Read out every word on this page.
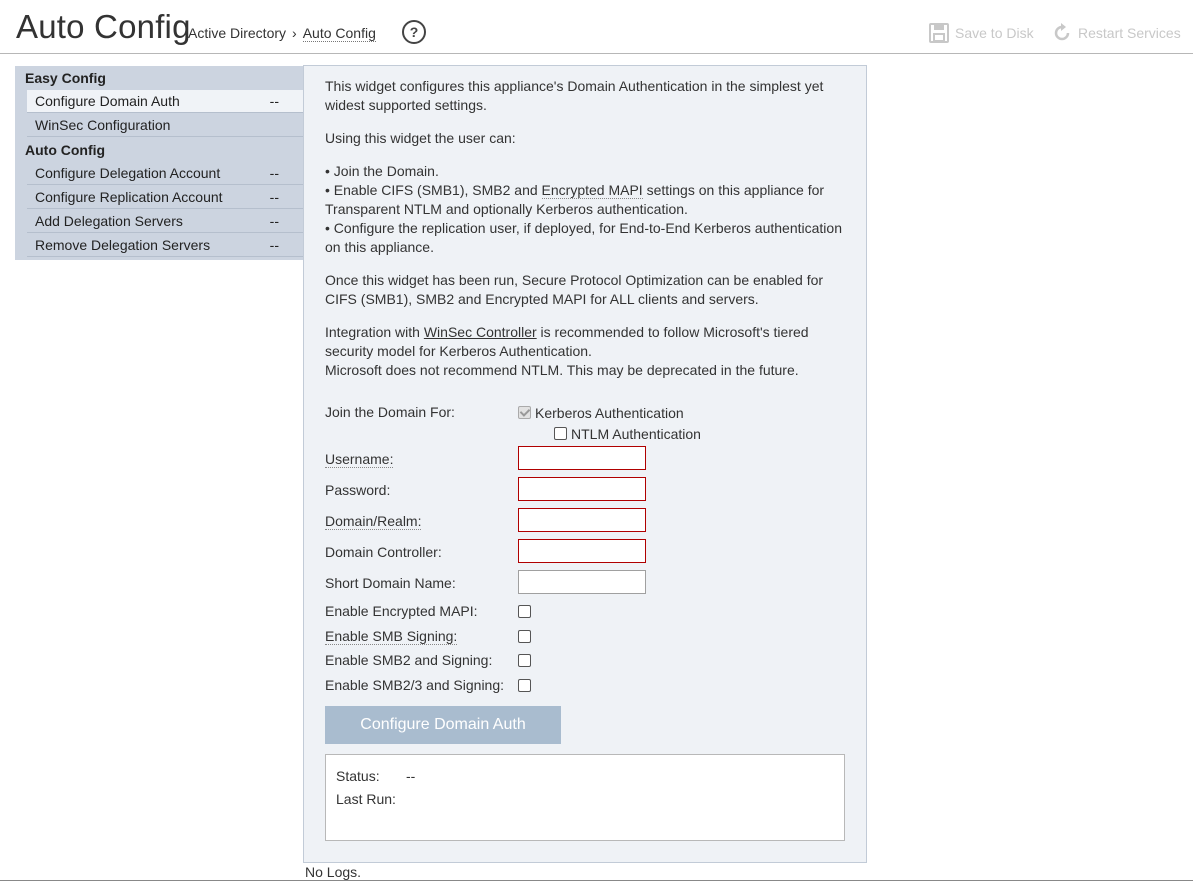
Auto Config
Active Directory › Auto Config	?	Save to Disk	Restart Services
Easy Config
Configure Domain Auth	--
WinSec Configuration
Auto Config
Configure Delegation Account	--
Configure Replication Account	--
Add Delegation Servers	--
Remove Delegation Servers	--
This widget configures this appliance's Domain Authentication in the simplest yet widest supported settings.
Using this widget the user can:
• Join the Domain.
• Enable CIFS (SMB1), SMB2 and Encrypted MAPI settings on this appliance for Transparent NTLM and optionally Kerberos authentication.
• Configure the replication user, if deployed, for End-to-End Kerberos authentication on this appliance.
Once this widget has been run, Secure Protocol Optimization can be enabled for CIFS (SMB1), SMB2 and Encrypted MAPI for ALL clients and servers.
Integration with WinSec Controller is recommended to follow Microsoft's tiered security model for Kerberos Authentication.
Microsoft does not recommend NTLM. This may be deprecated in the future.
Join the Domain For:	Kerberos Authentication
NTLM Authentication
Username:
Password:
Domain/Realm:
Domain Controller:
Short Domain Name:
Enable Encrypted MAPI:
Enable SMB Signing:
Enable SMB2 and Signing:
Enable SMB2/3 and Signing:
Configure Domain Auth
Status: --
Last Run:
No Logs.
